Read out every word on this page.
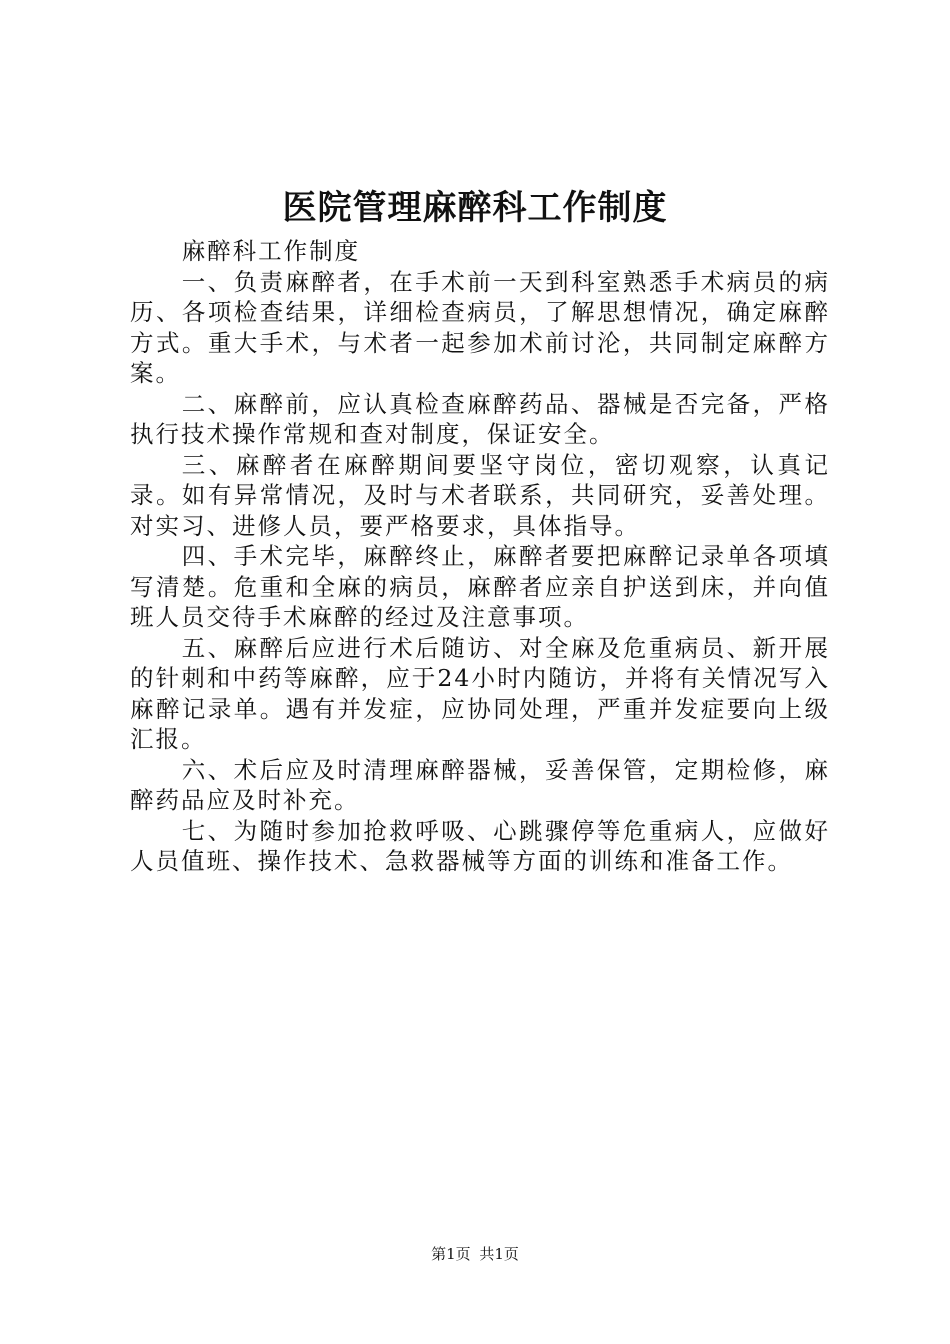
医院管理麻醉科工作制度

麻醉科工作制度

一、负责麻醉者，在手术前一天到科室熟悉手术病员的病历、各项检查结果，详细检查病员，了解思想情况，确定麻醉方式。重大手术，与术者一起参加术前讨沦，共同制定麻醉方案。

二、麻醉前，应认真检查麻醉药品、器械是否完备，严格执行技术操作常规和查对制度，保证安全。

三、麻醉者在麻醉期间要坚守岗位，密切观察，认真记录。如有异常情况，及时与术者联系，共同研究，妥善处理。对实习、进修人员，要严格要求，具体指导。

四、手术完毕，麻醉终止，麻醉者要把麻醉记录单各项填写清楚。危重和全麻的病员，麻醉者应亲自护送到床，并向值班人员交待手术麻醉的经过及注意事项。

五、麻醉后应进行术后随访、对全麻及危重病员、新开展的针刺和中药等麻醉，应于24小时内随访，并将有关情况写入麻醉记录单。遇有并发症，应协同处理，严重并发症要向上级汇报。

六、术后应及时清理麻醉器械，妥善保管，定期检修，麻醉药品应及时补充。

七、为随时参加抢救呼吸、心跳骤停等危重病人，应做好人员值班、操作技术、急救器械等方面的训练和准备工作。

第1页 共1页
